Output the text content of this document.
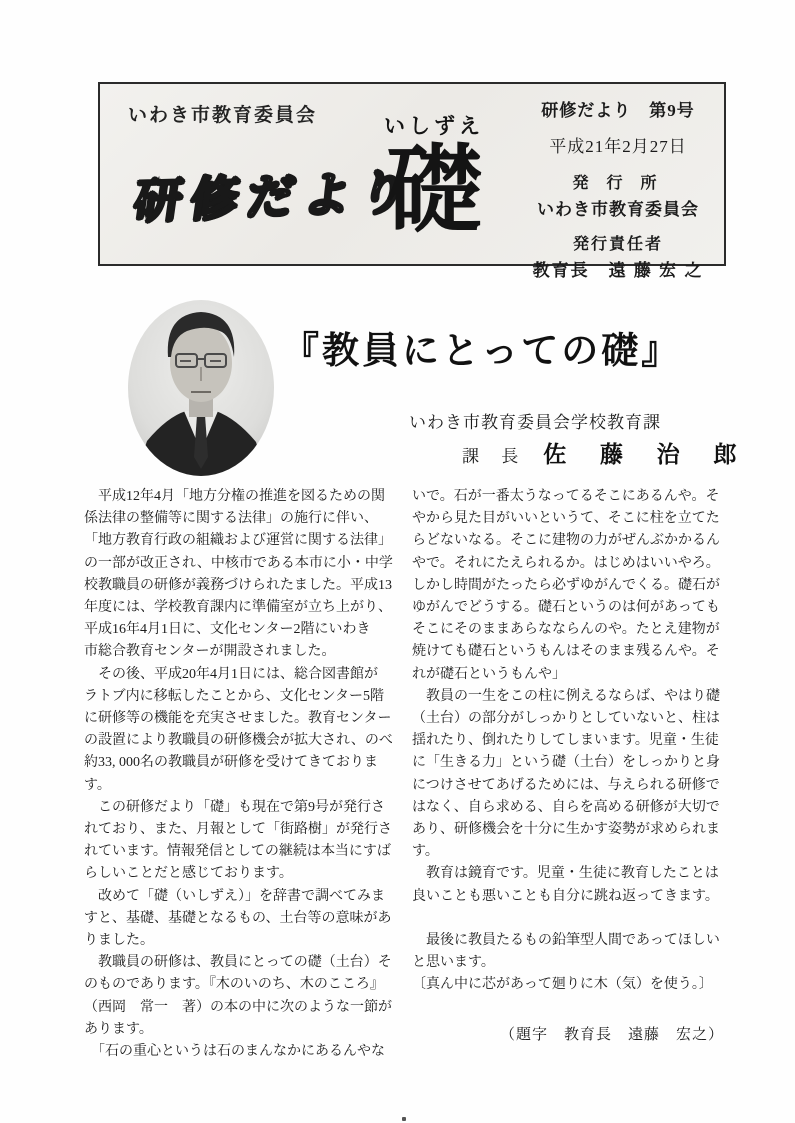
いわき市教育委員会
研修だより
いしずえ
礎
研修だより　第9号
平成21年2月27日
発 行 所
いわき市教育委員会
発行責任者
教育長　遠 藤 宏 之
『教員にとっての礎』
いわき市教育委員会学校教育課
課 長 佐 藤 治 郎
　平成12年4月「地方分権の推進を図るための関
係法律の整備等に関する法律」の施行に伴い、
「地方教育行政の組織および運営に関する法律」
の一部が改正され、中核市である本市に小・中学
校教職員の研修が義務づけられたました。平成13
年度には、学校教育課内に準備室が立ち上がり、
平成16年4月1日に、文化センター2階にいわき
市総合教育センターが開設されました。
　その後、平成20年4月1日には、総合図書館が
ラトブ内に移転したことから、文化センター5階
に研修等の機能を充実させました。教育センター
の設置により教職員の研修機会が拡大され、のべ
約33, 000名の教職員が研修を受けてきておりま
す。
　この研修だより「礎」も現在で第9号が発行さ
れており、また、月報として「街路樹」が発行さ
れています。情報発信としての継続は本当にすば
らしいことだと感じております。
　改めて「礎（いしずえ）」を辞書で調べてみま
すと、基礎、基礎となるもの、土台等の意味があ
りました。
　教職員の研修は、教員にとっての礎（土台）そ
のものであります。『木のいのち、木のこころ』
（西岡　常一　著）の本の中に次のような一節が
あります。
　「石の重心というは石のまんなかにあるんやな
いで。石が一番太うなってるそこにあるんや。そ
やから見た目がいいというて、そこに柱を立てた
らどないなる。そこに建物の力がぜんぶかかるん
やで。それにたえられるか。はじめはいいやろ。
しかし時間がたったら必ずゆがんでくる。礎石が
ゆがんでどうする。礎石というのは何があっても
そこにそのままあらなならんのや。たとえ建物が
焼けても礎石というもんはそのまま残るんや。そ
れが礎石というもんや」
　教員の一生をこの柱に例えるならば、やはり礎
（土台）の部分がしっかりとしていないと、柱は
揺れたり、倒れたりしてしまいます。児童・生徒
に「生きる力」という礎（土台）をしっかりと身
につけさせてあげるためには、与えられる研修で
はなく、自ら求める、自らを高める研修が大切で
あり、研修機会を十分に生かす姿勢が求められま
す。
　教育は鏡育です。児童・生徒に教育したことは
良いことも悪いことも自分に跳ね返ってきます。

　最後に教員たるもの鉛筆型人間であってほしい
と思います。
〔真ん中に芯があって廻りに木（気）を使う。〕
（題字　教育長　遠藤　宏之）
